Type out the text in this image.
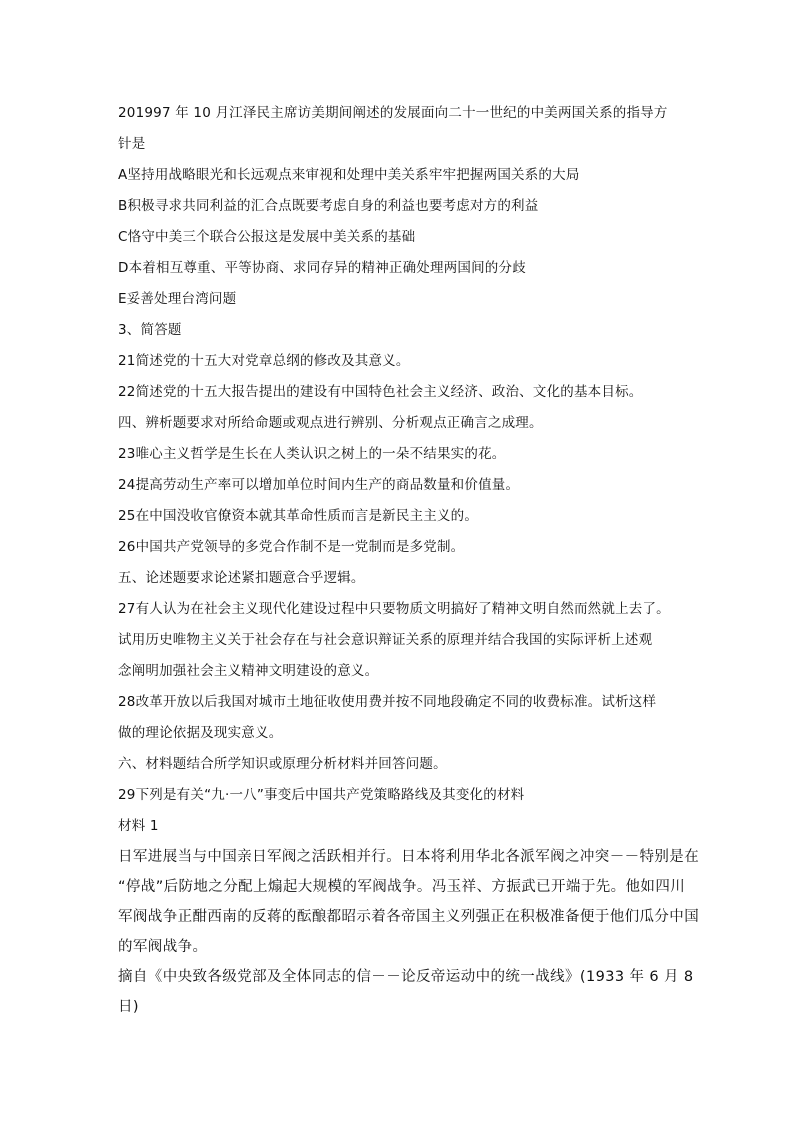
201997 年 10 月江泽民主席访美期间阐述的发展面向二十一世纪的中美两国关系的指导方
针是
A坚持用战略眼光和长远观点来审视和处理中美关系牢牢把握两国关系的大局
B积极寻求共同利益的汇合点既要考虑自身的利益也要考虑对方的利益
C恪守中美三个联合公报这是发展中美关系的基础
D本着相互尊重、平等协商、求同存异的精神正确处理两国间的分歧
E妥善处理台湾问题
3、简答题
21简述党的十五大对党章总纲的修改及其意义。
22简述党的十五大报告提出的建设有中国特色社会主义经济、政治、文化的基本目标。
四、辨析题要求对所给命题或观点进行辨别、分析观点正确言之成理。
23唯心主义哲学是生长在人类认识之树上的一朵不结果实的花。
24提高劳动生产率可以增加单位时间内生产的商品数量和价值量。
25在中国没收官僚资本就其革命性质而言是新民主主义的。
26中国共产党领导的多党合作制不是一党制而是多党制。
五、论述题要求论述紧扣题意合乎逻辑。
27有人认为在社会主义现代化建设过程中只要物质文明搞好了精神文明自然而然就上去了。
试用历史唯物主义关于社会存在与社会意识辩证关系的原理并结合我国的实际评析上述观
念阐明加强社会主义精神文明建设的意义。
28改革开放以后我国对城市土地征收使用费并按不同地段确定不同的收费标准。试析这样
做的理论依据及现实意义。
六、材料题结合所学知识或原理分析材料并回答问题。
29下列是有关“九·一八”事变后中国共产党策略路线及其变化的材料
材料 1
日军进展当与中国亲日军阀之活跃相并行。日本将利用华北各派军阀之冲突－－特别是在
“停战”后防地之分配上煽起大规模的军阀战争。冯玉祥、方振武已开端于先。他如四川
军阀战争正酣西南的反蒋的酝酿都昭示着各帝国主义列强正在积极准备便于他们瓜分中国
的军阀战争。
摘自《中央致各级党部及全体同志的信－－论反帝运动中的统一战线》(1933 年 6 月 8
日)
